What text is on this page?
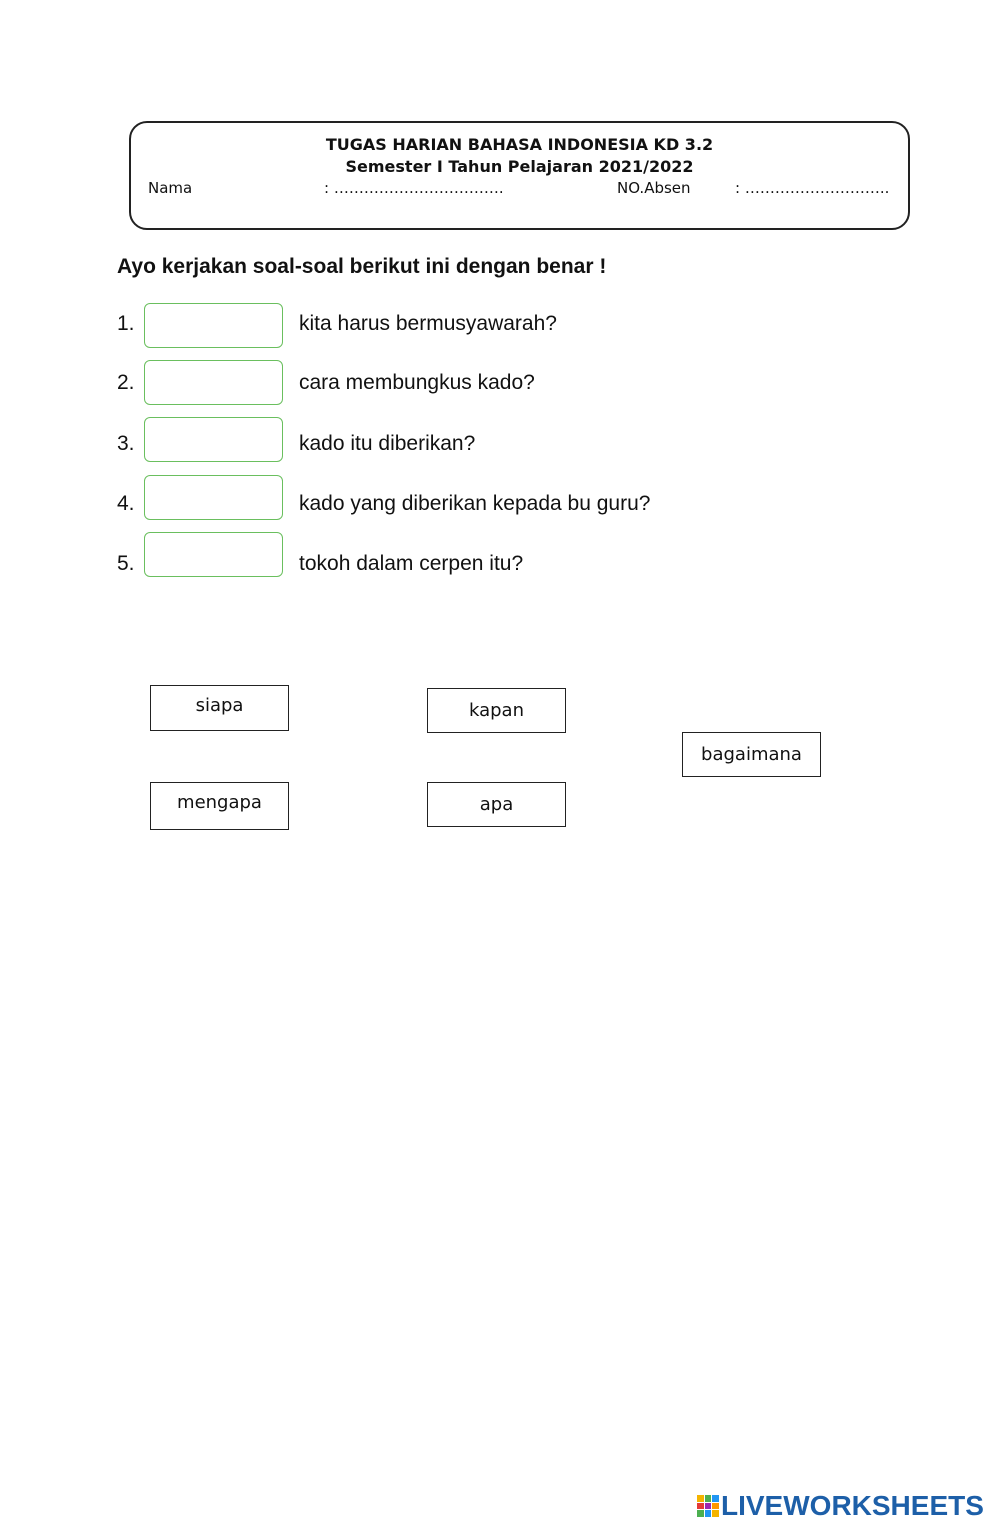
TUGAS HARIAN BAHASA INDONESIA KD 3.2
Semester I Tahun Pelajaran 2021/2022
Nama	: …………………………….	NO.Absen	: ………………………..
Ayo kerjakan soal-soal berikut ini dengan benar !
1.	kita harus bermusyawarah?
2.	cara membungkus kado?
3.	kado itu diberikan?
4.	kado yang diberikan kepada bu guru?
5.	tokoh dalam cerpen itu?
siapa	kapan
bagaimana
mengapa	apa
LIVEWORKSHEETS
